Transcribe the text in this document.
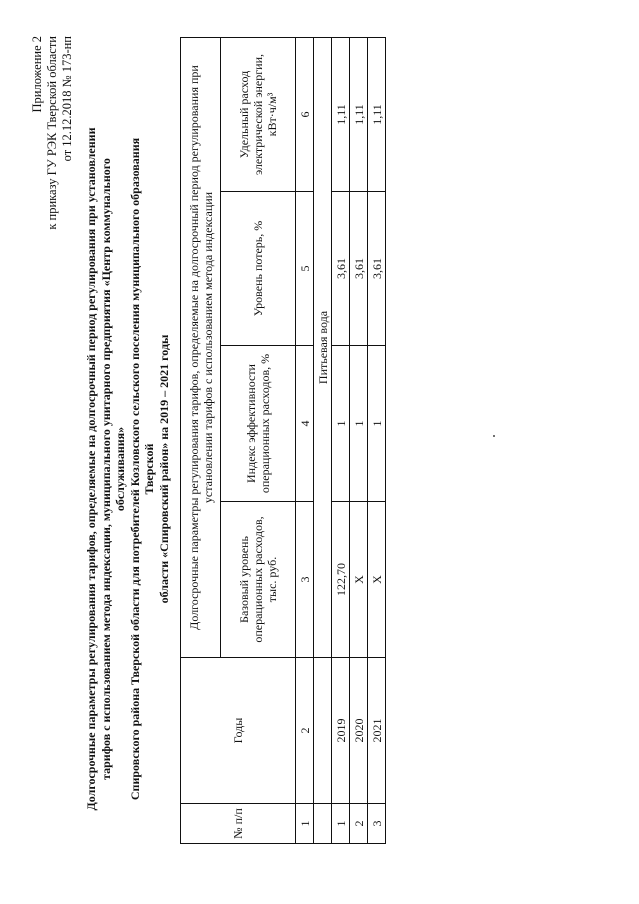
Приложение 2 к приказу ГУ РЭК Тверской области от 12.12.2018 № 173-нп
Долгосрочные параметры регулирования тарифов, определяемые на долгосрочный период регулирования при установлении тарифов с использованием метода индексации, муниципального унитарного предприятия «Центр коммунального обслуживания» Спировского района Тверской области для потребителей Козловского сельского поселения муниципального образования Тверской области «Спировский район» на 2019 – 2021 годы
№ п/п	Годы	Долгосрочные параметры регулирования тарифов, определяемые на долгосрочный период регулирования при установлении тарифов с использованием метода индексации			
		Базовый уровень операционных расходов, тыс. руб.	Индекс эффективности операционных расходов, %	Уровень потерь, %	Удельный расход электрической энергии, кВт·ч/м³
1	2	3	4	5	6
		Питьевая вода			
1	2019	122,70	1	3,61	1,11
2	2020	X	1	3,61	1,11
3	2021	X	1	3,61	1,11
